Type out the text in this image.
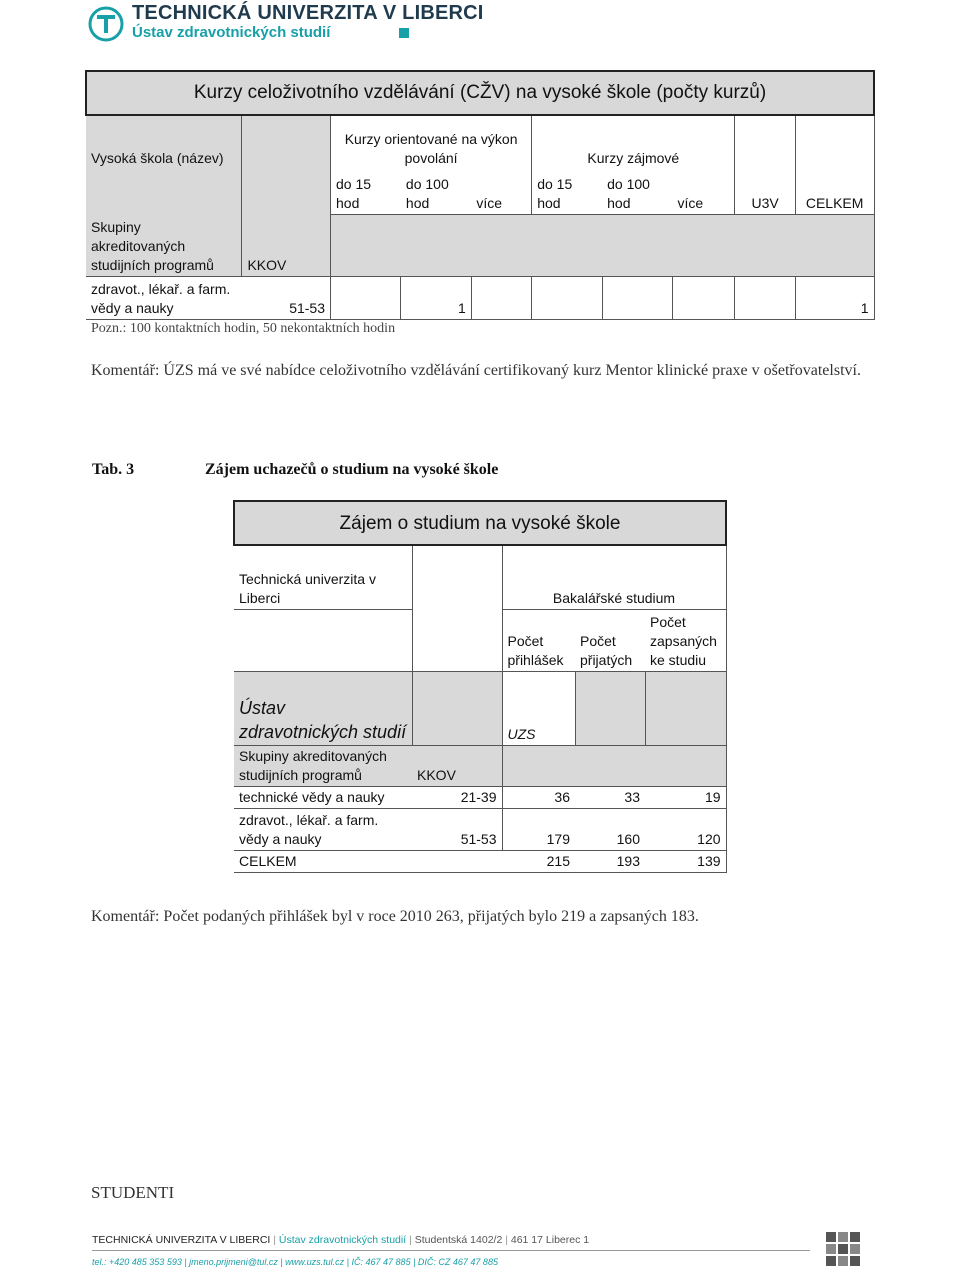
TECHNICKÁ UNIVERZITA V LIBERCI
Ústav zdravotnických studií
Kurzy celoživotního vzdělávání (CŽV) na vysoké škole (počty kurzů)									
Vysoká škola (název)		Kurzy orientované na výkon povolání			Kurzy zájmové				
		do 15 hod	do 100 hod	více	do 15 hod	do 100 hod	více	U3V	CELKEM
Skupiny akreditovaných studijních programů	KKOV								
zdravot., lékař. a farm. vědy a nauky	51-53		1						1
Pozn.: 100 kontaktních hodin, 50 nekontaktních hodin
Komentář: ÚZS má ve své nabídce celoživotního vzdělávání certifikovaný kurz Mentor klinické praxe v ošetřovatelství.
Tab. 3	Zájem uchazečů o studium na vysoké škole
Zájem o studium na vysoké škole				
Technická univerzita v Liberci		Bakalářské studium		
		Počet přihlášek	Počet přijatých	Počet zapsaných ke studiu
Ústav zdravotnických studií		UZS		
Skupiny akreditovaných studijních programů	KKOV			
technické vědy a nauky	21-39	36	33	19
zdravot., lékař. a farm. vědy a nauky	51-53	179	160	120
CELKEM		215	193	139
Komentář: Počet podaných přihlášek byl v roce 2010 263, přijatých bylo 219 a zapsaných 183.
STUDENTI
TECHNICKÁ UNIVERZITA V LIBERCI | Ústav zdravotnických studií | Studentská 1402/2 | 461 17 Liberec 1
tel.: +420 485 353 593 | jmeno.prijmeni@tul.cz | www.uzs.tul.cz | IČ: 467 47 885 | DIČ: CZ 467 47 885
